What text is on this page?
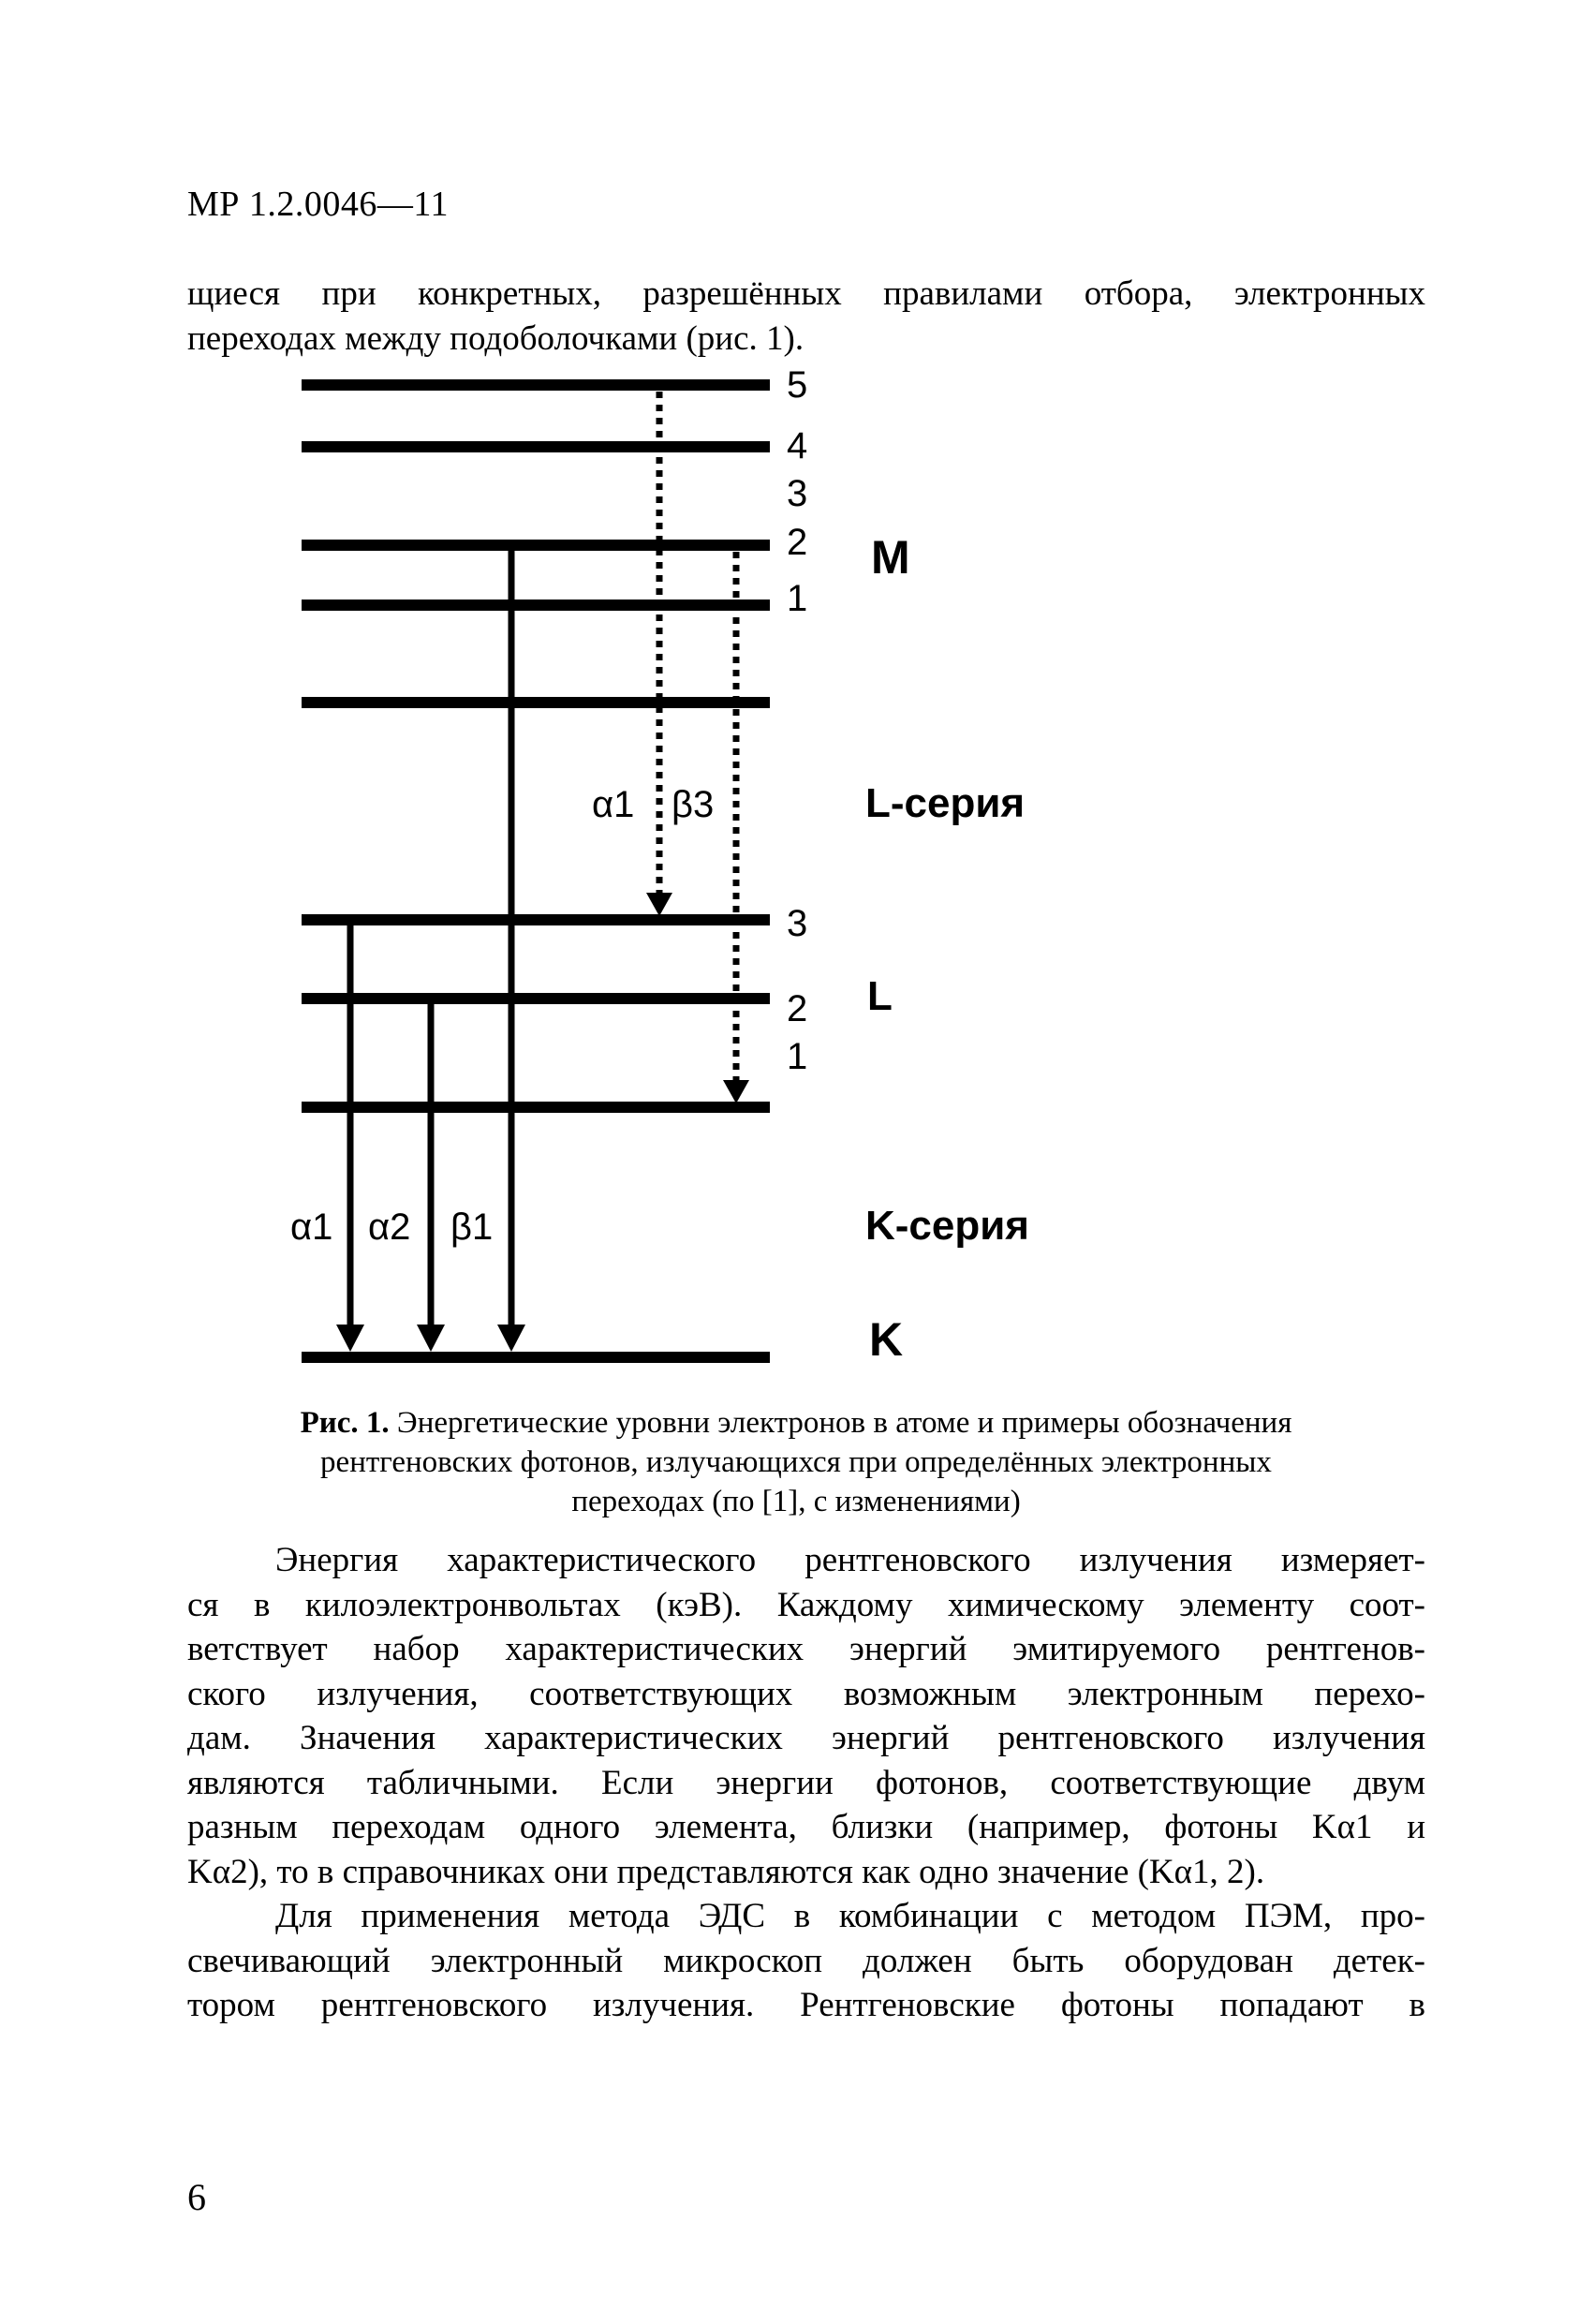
МР 1.2.0046—11
щиеся при конкретных, разрешённых правилами отбора, электронных
переходах между подоболочками (рис. 1).
5
4
3
2
1
3
2
1
M
L-серия
L
K-серия
K
α1 β3
α1 α2 β1
Рис. 1. Энергетические уровни электронов в атоме и примеры обозначения
рентгеновских фотонов, излучающихся при определённых электронных
переходах (по [1], с изменениями)
Энергия характеристического рентгеновского излучения измеряет-
ся в килоэлектронвольтах (кэВ). Каждому химическому элементу соот-
ветствует набор характеристических энергий эмитируемого рентгенов-
ского излучения, соответствующих возможным электронным перехо-
дам. Значения характеристических энергий рентгеновского излучения
являются табличными. Если энергии фотонов, соответствующие двум
разным переходам одного элемента, близки (например, фотоны Kα1 и
Kα2), то в справочниках они представляются как одно значение (Kα1, 2).
Для применения метода ЭДС в комбинации с методом ПЭМ, про-
свечивающий электронный микроскоп должен быть оборудован детек-
тором рентгеновского излучения. Рентгеновские фотоны попадают в
6
